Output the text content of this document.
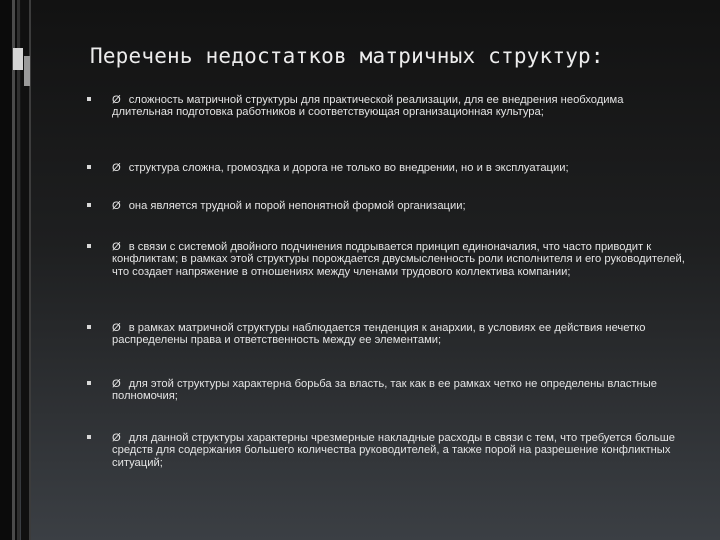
Перечень недостатков матричных структур:
Ø сложность матричной структуры для практической реализации, для ее внедрения необходима длительная подготовка работников и соответствующая организационная культура;
Ø структура сложна, громоздка и дорога не только во внедрении, но и в эксплуатации;
Ø она является трудной и порой непонятной формой организации;
Ø в связи с системой двойного подчинения подрывается принцип единоначалия, что часто приводит к конфликтам; в рамках этой структуры порождается двусмысленность роли исполнителя и его руководителей, что создает напряжение в отношениях между членами трудового коллектива компании;
Ø в рамках матричной структуры наблюдается тенденция к анархии, в условиях ее действия нечетко распределены права и ответственность между ее элементами;
Ø для этой структуры характерна борьба за власть, так как в ее рамках четко не определены властные полномочия;
Ø для данной структуры характерны чрезмерные накладные расходы в связи с тем, что требуется больше средств для содержания большего количества руководителей, а также порой на разрешение конфликтных ситуаций;
